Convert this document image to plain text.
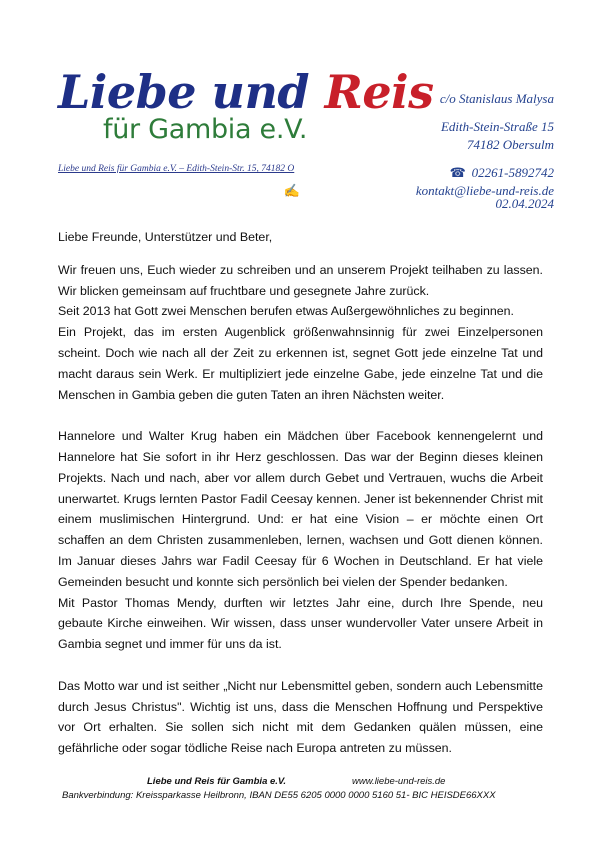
Liebe und Reis
für Gambia e.V.
Liebe und Reis für Gambia e.V. – Edith-Stein-Str. 15, 74182 O
c/o Stanislaus Malysa
Edith-Stein-Straße 15
74182 Obersulm
☎ 02261-5892742
✍	kontakt@liebe-und-reis.de
02.04.2024

Liebe Freunde, Unterstützer und Beter,

Wir freuen uns, Euch wieder zu schreiben und an unserem Projekt teilhaben zu lassen. Wir blicken gemeinsam auf fruchtbare und gesegnete Jahre zurück.

Seit 2013 hat Gott zwei Menschen berufen etwas Außergewöhnliches zu beginnen.

Ein Projekt, das im ersten Augenblick größenwahnsinnig für zwei Einzelpersonen scheint. Doch wie nach all der Zeit zu erkennen ist, segnet Gott jede einzelne Tat und macht daraus sein Werk. Er multipliziert jede einzelne Gabe, jede einzelne Tat und die Menschen in Gambia geben die guten Taten an ihren Nächsten weiter.

Hannelore und Walter Krug haben ein Mädchen über Facebook kennengelernt und Hannelore hat Sie sofort in ihr Herz geschlossen. Das war der Beginn dieses kleinen Projekts. Nach und nach, aber vor allem durch Gebet und Vertrauen, wuchs die Arbeit unerwartet. Krugs lernten Pastor Fadil Ceesay kennen. Jener ist bekennender Christ mit einem muslimischen Hintergrund. Und: er hat eine Vision – er möchte einen Ort schaffen an dem Christen zusammenleben, lernen, wachsen und Gott dienen können. Im Januar dieses Jahrs war Fadil Ceesay für 6 Wochen in Deutschland. Er hat viele Gemeinden besucht und konnte sich persönlich bei vielen der Spender bedanken.

Mit Pastor Thomas Mendy, durften wir letztes Jahr eine, durch Ihre Spende, neu gebaute Kirche einweihen. Wir wissen, dass unser wundervoller Vater unsere Arbeit in Gambia segnet und immer für uns da ist.

Das Motto war und ist seither „Nicht nur Lebensmittel geben, sondern auch Lebensmitte durch Jesus Christus". Wichtig ist uns, dass die Menschen Hoffnung und Perspektive vor Ort erhalten. Sie sollen sich nicht mit dem Gedanken quälen müssen, eine gefährliche oder sogar tödliche Reise nach Europa antreten zu müssen.

Liebe und Reis für Gambia e.V.	www.liebe-und-reis.de
Bankverbindung: Kreissparkasse Heilbronn, IBAN DE55 6205 0000 0000 5160 51- BIC HEISDE66XXX
